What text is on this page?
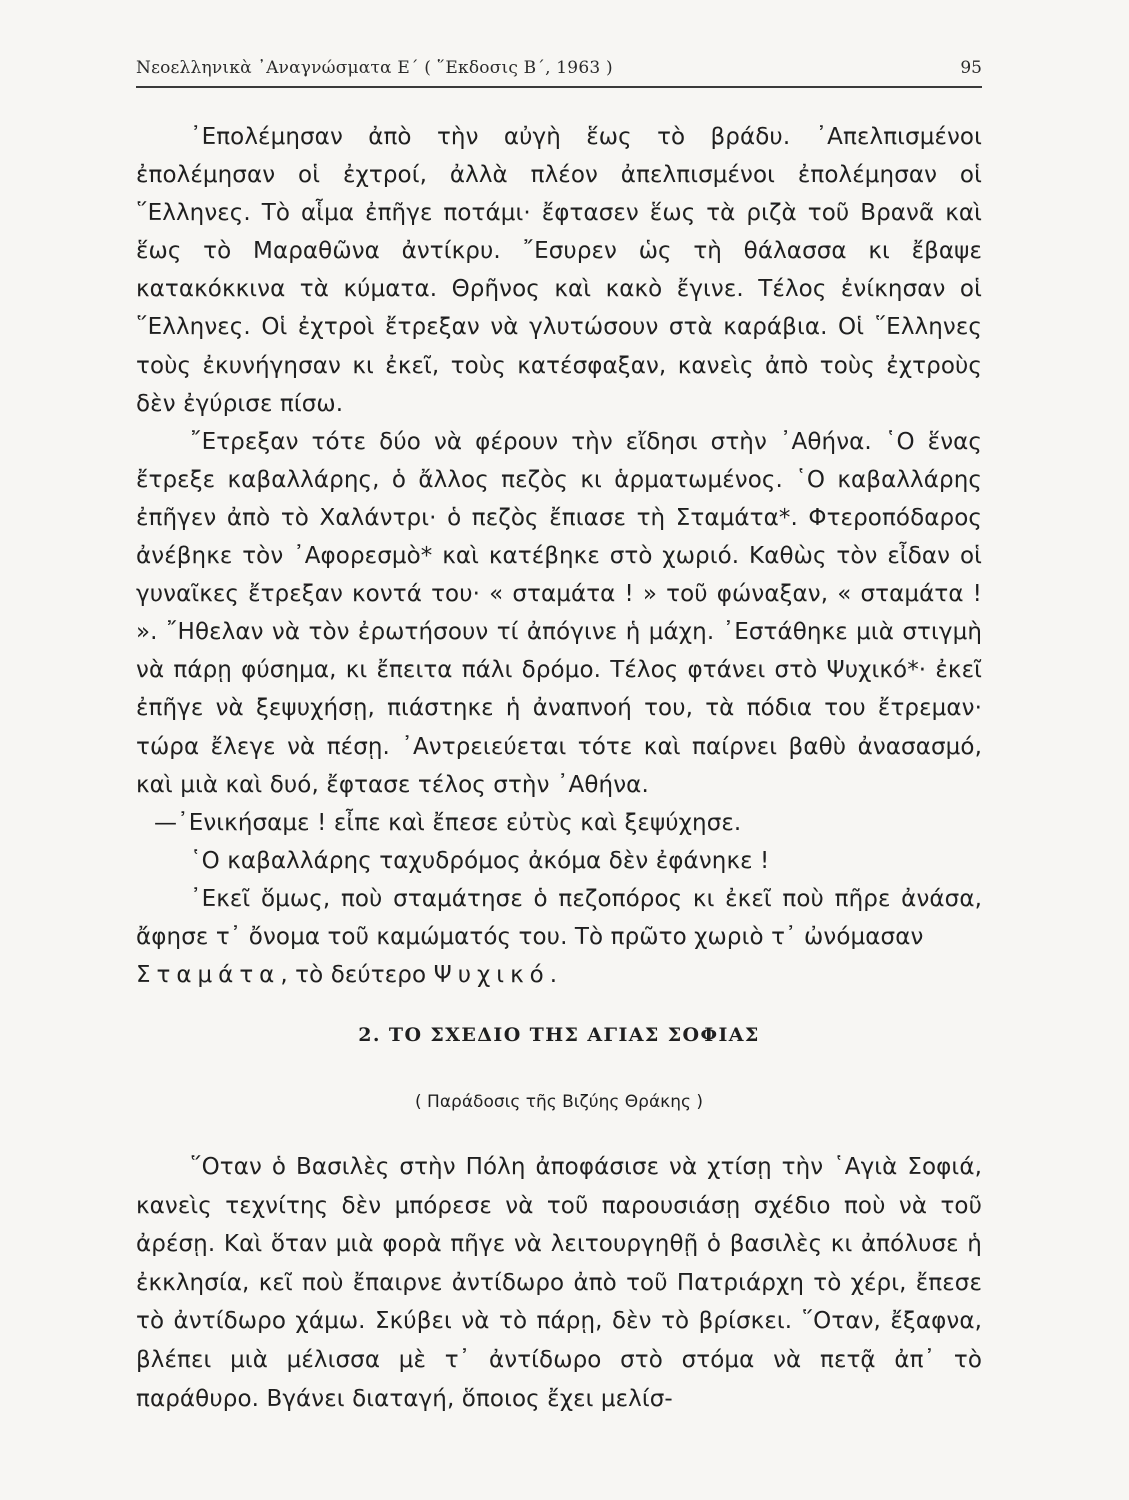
Νεοελληνικὰ ᾿Αναγνώσματα Ε΄ ( ῞Εκδοσις Β΄, 1963 )	95

᾿Επολέμησαν ἀπὸ τὴν αὐγὴ ἕως τὸ βράδυ. ᾿Απελπισμένοι ἐπολέμησαν οἱ ἐχτροί, ἀλλὰ πλέον ἀπελπισμένοι ἐπολέμησαν οἱ ῞Ελληνες. Τὸ αἷμα ἐπῆγε ποτάμι· ἔφτασεν ἕως τὰ ριζὰ τοῦ Βρανᾶ καὶ ἕως τὸ Μαραθῶνα ἀντίκρυ. ῎Εσυρεν ὡς τὴ θάλασσα κι ἔβαψε κατακόκκινα τὰ κύματα. Θρῆνος καὶ κακὸ ἔγινε. Τέλος ἐνίκησαν οἱ ῞Ελληνες. Οἱ ἐχτροὶ ἔτρεξαν νὰ γλυτώσουν στὰ καράβια. Οἱ ῞Ελληνες τοὺς ἐκυνήγησαν κι ἐκεῖ, τοὺς κατέσφαξαν, κανεὶς ἀπὸ τοὺς ἐχτροὺς δὲν ἐγύρισε πίσω.

῎Ετρεξαν τότε δύο νὰ φέρουν τὴν εἴδησι στὴν ᾿Αθήνα. ῾Ο ἕνας ἔτρεξε καβαλλάρης, ὁ ἄλλος πεζὸς κι ἁρματωμένος. ῾Ο καβαλλάρης ἐπῆγεν ἀπὸ τὸ Χαλάντρι· ὁ πεζὸς ἔπιασε τὴ Σταμάτα*. Φτεροπόδαρος ἀνέβηκε τὸν ᾿Αφορεσμὸ* καὶ κατέβηκε στὸ χωριό. Καθὼς τὸν εἶδαν οἱ γυναῖκες ἔτρεξαν κοντά του· « σταμάτα ! » τοῦ φώναξαν, « σταμάτα ! ». ῎Ηθελαν νὰ τὸν ἐρωτήσουν τί ἀπόγινε ἡ μάχη. ᾿Εστάθηκε μιὰ στιγμὴ νὰ πάρῃ φύσημα, κι ἔπειτα πάλι δρόμο. Τέλος φτάνει στὸ Ψυχικό*· ἐκεῖ ἐπῆγε νὰ ξεψυχήσῃ, πιάστηκε ἡ ἀναπνοή του, τὰ πόδια του ἔτρεμαν· τώρα ἔλεγε νὰ πέσῃ. ᾿Αντρειεύεται τότε καὶ παίρνει βαθὺ ἀνασασμό, καὶ μιὰ καὶ δυό, ἔφτασε τέλος στὴν ᾿Αθήνα.

—᾿Ενικήσαμε ! εἶπε καὶ ἔπεσε εὐτὺς καὶ ξεψύχησε.

῾Ο καβαλλάρης ταχυδρόμος ἀκόμα δὲν ἐφάνηκε !

᾿Εκεῖ ὅμως, ποὺ σταμάτησε ὁ πεζοπόρος κι ἐκεῖ ποὺ πῆρε ἀνάσα, ἄφησε τ᾿ ὄνομα τοῦ καμώματός του. Τὸ πρῶτο χωριὸ τ᾿ ὠνόμασαν
Σταμάτα, τὸ δεύτερο Ψυχικό.

2. ΤΟ ΣΧΕΔΙΟ ΤΗΣ ΑΓΙΑΣ ΣΟΦΙΑΣ
( Παράδοσις τῆς Βιζύης Θράκης )

῞Οταν ὁ Βασιλὲς στὴν Πόλη ἀποφάσισε νὰ χτίσῃ τὴν ῾Αγιὰ Σοφιά, κανεὶς τεχνίτης δὲν μπόρεσε νὰ τοῦ παρουσιάσῃ σχέδιο ποὺ νὰ τοῦ ἀρέσῃ. Καὶ ὅταν μιὰ φορὰ πῆγε νὰ λειτουργηθῇ ὁ βασιλὲς κι ἀπόλυσε ἡ ἐκκλησία, κεῖ ποὺ ἔπαιρνε ἀντίδωρο ἀπὸ τοῦ Πατριάρχη τὸ χέρι, ἔπεσε τὸ ἀντίδωρο χάμω. Σκύβει νὰ τὸ πάρῃ, δὲν τὸ βρίσκει. ῞Οταν, ἔξαφνα, βλέπει μιὰ μέλισσα μὲ τ᾿ ἀντίδωρο στὸ στόμα νὰ πετᾷ ἀπ᾿ τὸ παράθυρο. Βγάνει διαταγή, ὅποιος ἔχει μελίσ-
